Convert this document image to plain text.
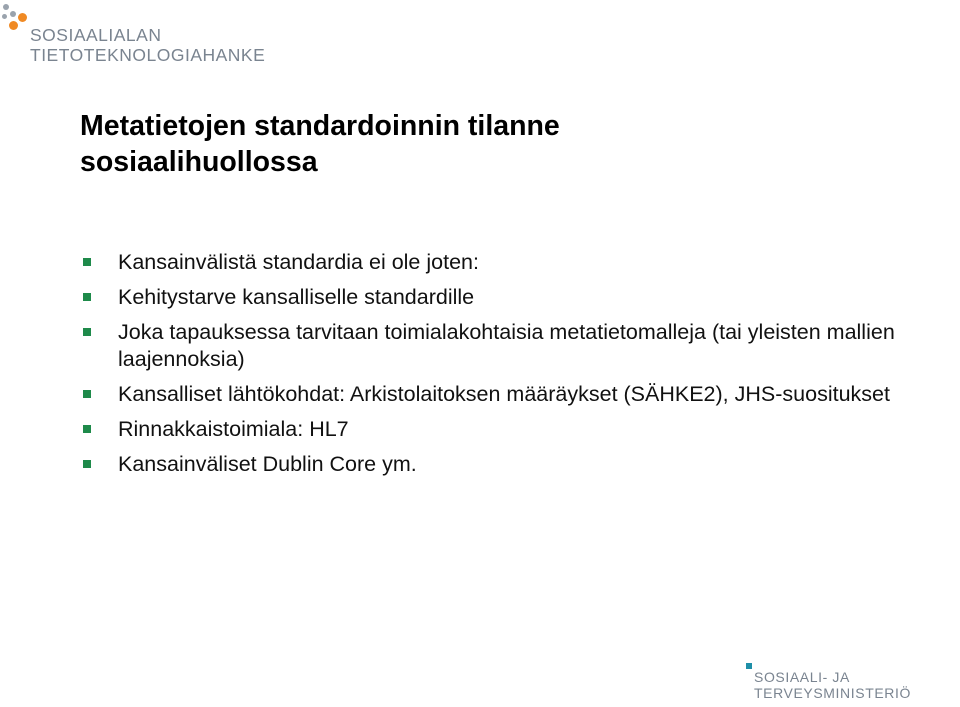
SOSIAALIALAN
TIETOTEKNOLOGIAHANKE
Metatietojen standardoinnin tilanne
sosiaalihuollossa
Kansainvälistä standardia ei ole joten:
Kehitystarve kansalliselle standardille
Joka tapauksessa tarvitaan toimialakohtaisia metatietomalleja (tai yleisten mallien laajennoksia)
Kansalliset lähtökohdat: Arkistolaitoksen määräykset (SÄHKE2), JHS-suositukset
Rinnakkaistoimiala: HL7
Kansainväliset Dublin Core ym.
SOSIAALI- JA
TERVEYSMINISTERIÖ
